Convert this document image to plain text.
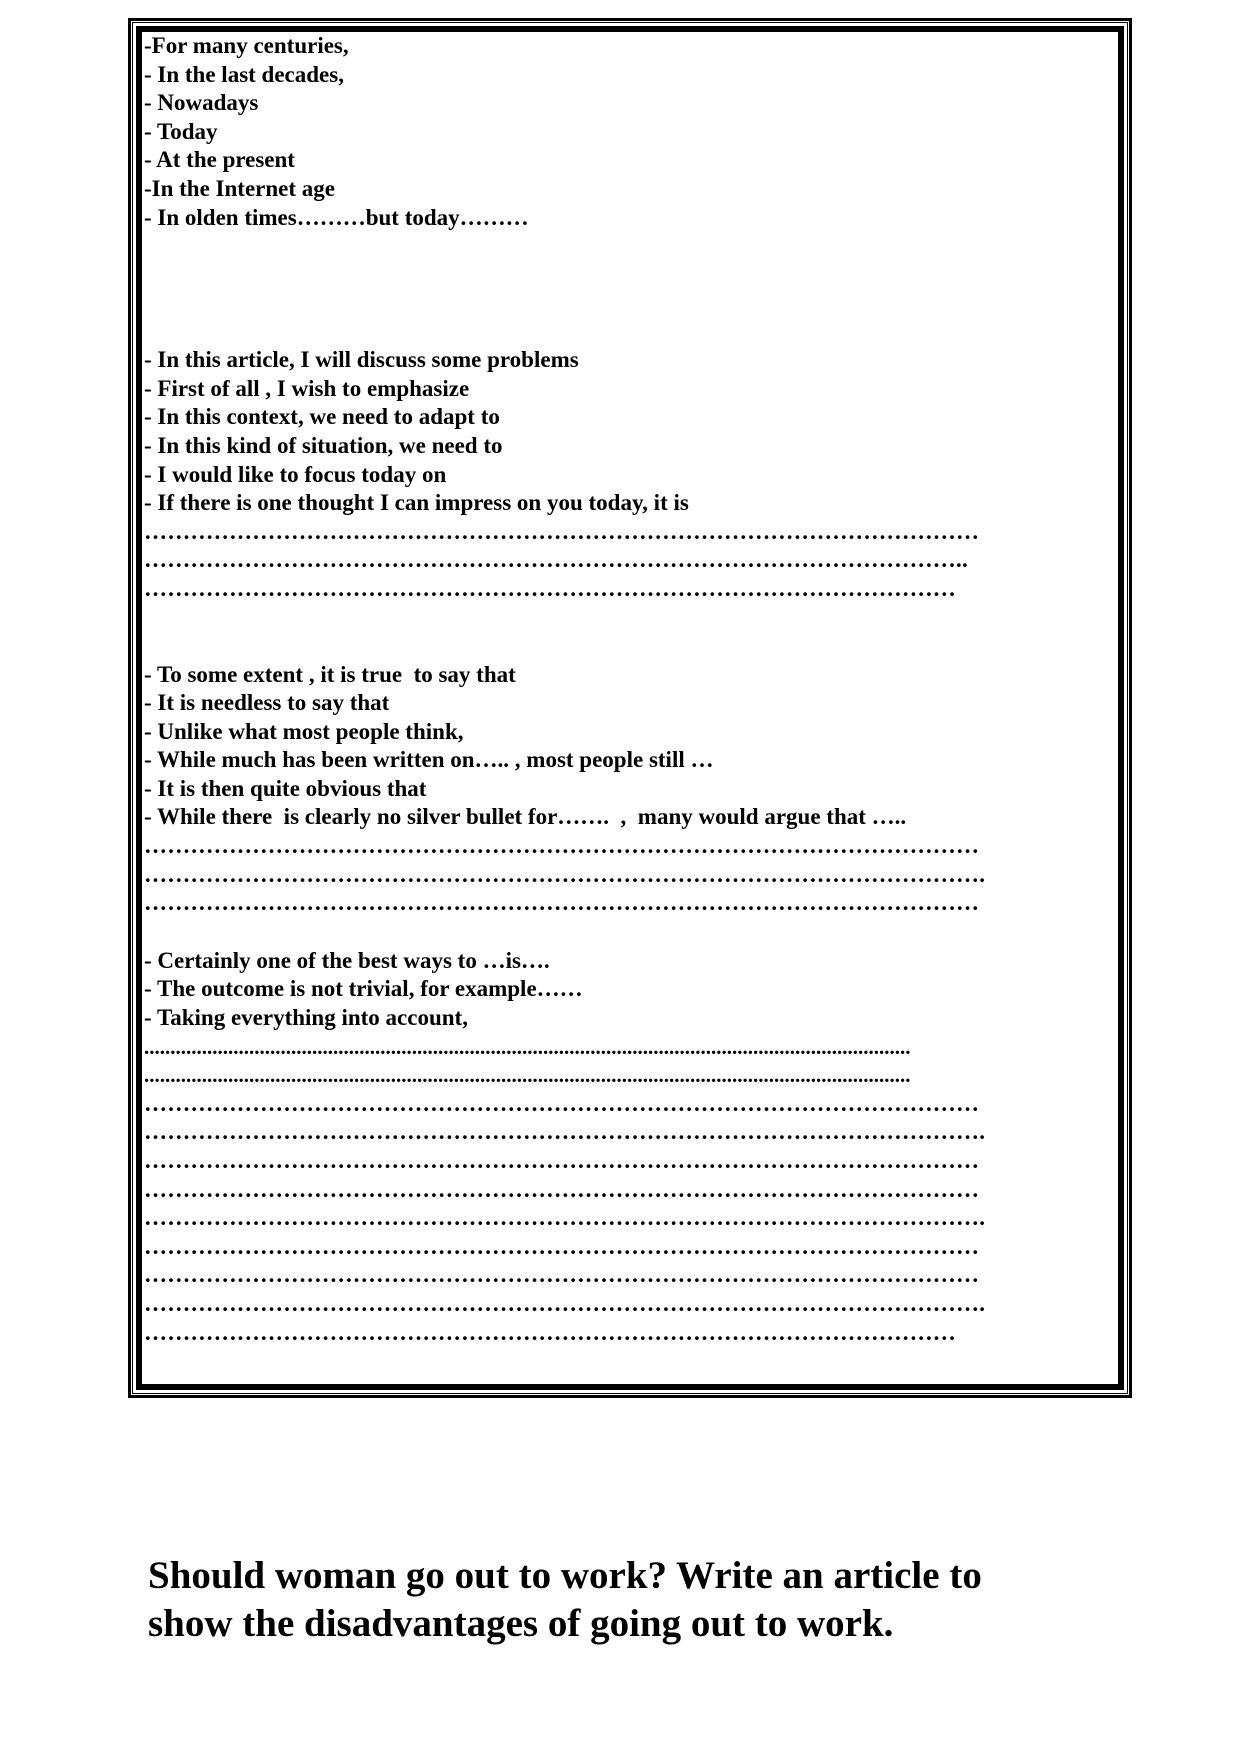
-For many centuries,
- In the last decades,
- Nowadays
- Today
- At the present
-In the Internet age
- In olden times………but today………
- In this article, I will discuss some problems
- First of all , I wish to emphasize
- In this context, we need to adapt to
- In this kind of situation, we need to
- I would like to focus today on
- If there is one thought I can impress on you today, it is
………………………………………………………………………………………………
……………………………………………………………………………………………..
……………………………………………………………………………………………
- To some extent , it is true  to say that
- It is needless to say that
- Unlike what most people think,
- While much has been written on….. , most people still …
- It is then quite obvious that
- While there  is clearly no silver bullet for…….  ,  many would argue that …..
………………………………………………………………………………………………
……………………………………………………………………………………………….
………………………………………………………………………………………………
- Certainly one of the best ways to …is….
- The outcome is not trivial, for example……
- Taking everything into account,
..................................................................................................................................................
..................................................................................................................................................
………………………………………………………………………………………………
……………………………………………………………………………………………….
………………………………………………………………………………………………
………………………………………………………………………………………………
……………………………………………………………………………………………….
………………………………………………………………………………………………
………………………………………………………………………………………………
……………………………………………………………………………………………….
……………………………………………………………………………………………
Should woman go out to work? Write an article to
show the disadvantages of going out to work.
